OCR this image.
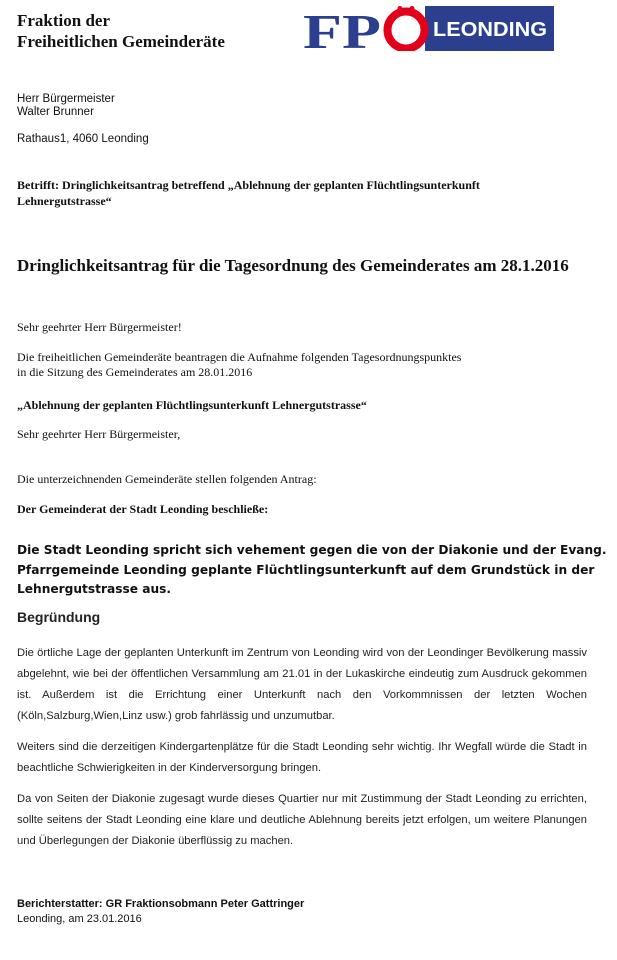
Fraktion der
Freiheitlichen Gemeinderäte FP	LEONDING
Herr Bürgermeister
Walter Brunner
Rathaus1, 4060 Leonding
Betrifft: Dringlichkeitsantrag betreffend „Ablehnung der geplanten Flüchtlingsunterkunft Lehnergutstrasse“
Dringlichkeitsantrag für die Tagesordnung des Gemeinderates am 28.1.2016
Sehr geehrter Herr Bürgermeister!
Die freiheitlichen Gemeinderäte beantragen die Aufnahme folgenden Tagesordnungspunktes
in die Sitzung des Gemeinderates am 28.01.2016
„Ablehnung der geplanten Flüchtlingsunterkunft Lehnergutstrasse“
Sehr geehrter Herr Bürgermeister,
Die unterzeichnenden Gemeinderäte stellen folgenden Antrag:
Der Gemeinderat der Stadt Leonding beschließe:
Die Stadt Leonding spricht sich vehement gegen die von der Diakonie und der Evang.
Pfarrgemeinde Leonding geplante Flüchtlingsunterkunft auf dem Grundstück in der
Lehnergutstrasse aus.
Begründung
Die örtliche Lage der geplanten Unterkunft im Zentrum von Leonding wird von der Leondinger Bevölkerung massiv abgelehnt, wie bei der öffentlichen Versammlung am 21.01 in der Lukaskirche eindeutig zum Ausdruck gekommen ist. Außerdem ist die Errichtung einer Unterkunft nach den Vorkommnissen der letzten Wochen (Köln,Salzburg,Wien,Linz usw.) grob fahrlässig und unzumutbar.
Weiters sind die derzeitigen Kindergartenplätze für die Stadt Leonding sehr wichtig. Ihr Wegfall würde die Stadt in beachtliche Schwierigkeiten in der Kinderversorgung bringen.
Da von Seiten der Diakonie zugesagt wurde dieses Quartier nur mit Zustimmung der Stadt Leonding zu errichten, sollte seitens der Stadt Leonding eine klare und deutliche Ablehnung bereits jetzt erfolgen, um weitere Planungen und Überlegungen der Diakonie überflüssig zu machen.
Berichterstatter: GR Fraktionsobmann Peter Gattringer
Leonding, am 23.01.2016
